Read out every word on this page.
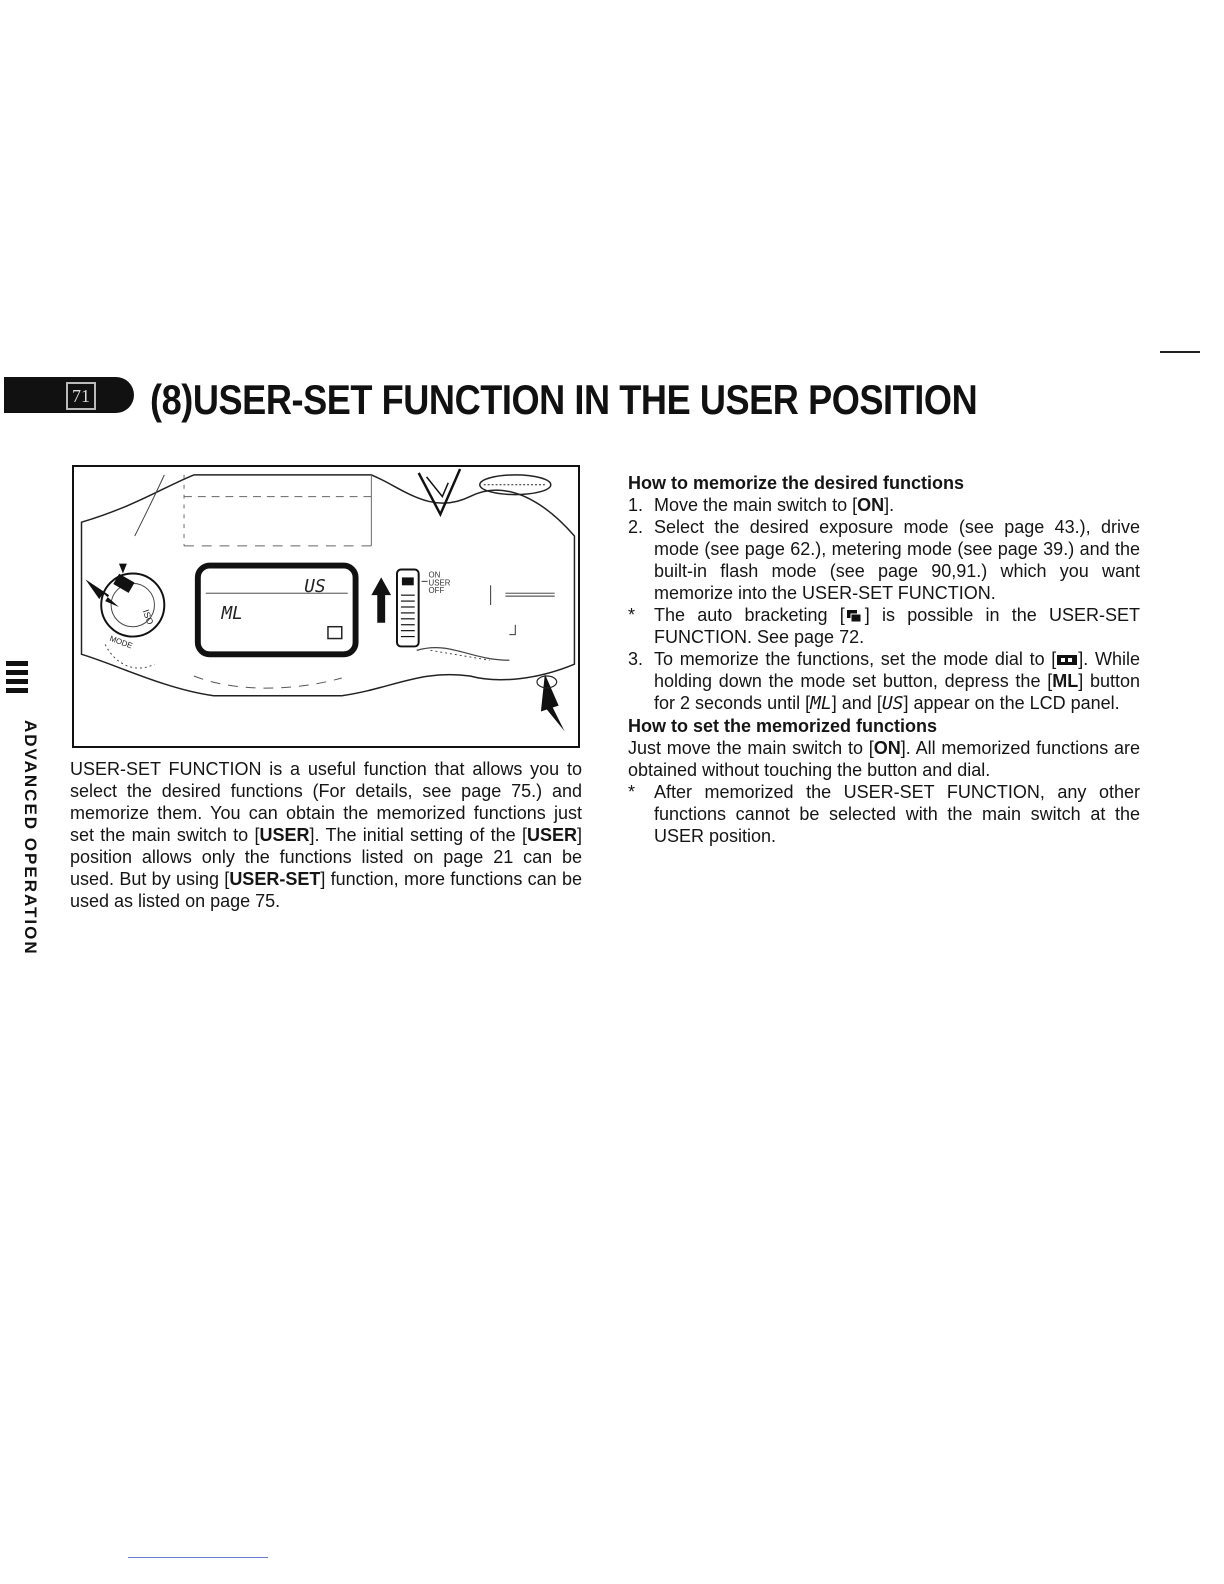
71 (8)USER-SET FUNCTION IN THE USER POSITION
ADVANCED OPERATION
US
ML
ON
USER
OFF
ISO
MODE
USER-SET FUNCTION is a useful function that allows you to select the desired functions (For details, see page 75.) and memorize them. You can obtain the memorized functions just set the main switch to [USER]. The initial setting of the [USER] position allows only the functions listed on page 21 can be used. But by using [USER-SET] function, more functions can be used as listed on page 75.
How to memorize the desired functions
1. Move the main switch to [ON].
2. Select the desired exposure mode (see page 43.), drive mode (see page 62.), metering mode (see page 39.) and the built-in flash mode (see page 90,91.) which you want memorize into the USER-SET FUNCTION.
* The auto bracketing [ ] is possible in the USER-SET FUNCTION. See page 72.
3. To memorize the functions, set the mode dial to [ ]. While holding down the mode set button, depress the [ML] button for 2 seconds until [ML] and [US] appear on the LCD panel.
How to set the memorized functions

Just move the main switch to [ON]. All memorized functions are obtained without touching the button and dial.

* After memorized the USER-SET FUNCTION, any other functions cannot be selected with the main switch at the USER position.
